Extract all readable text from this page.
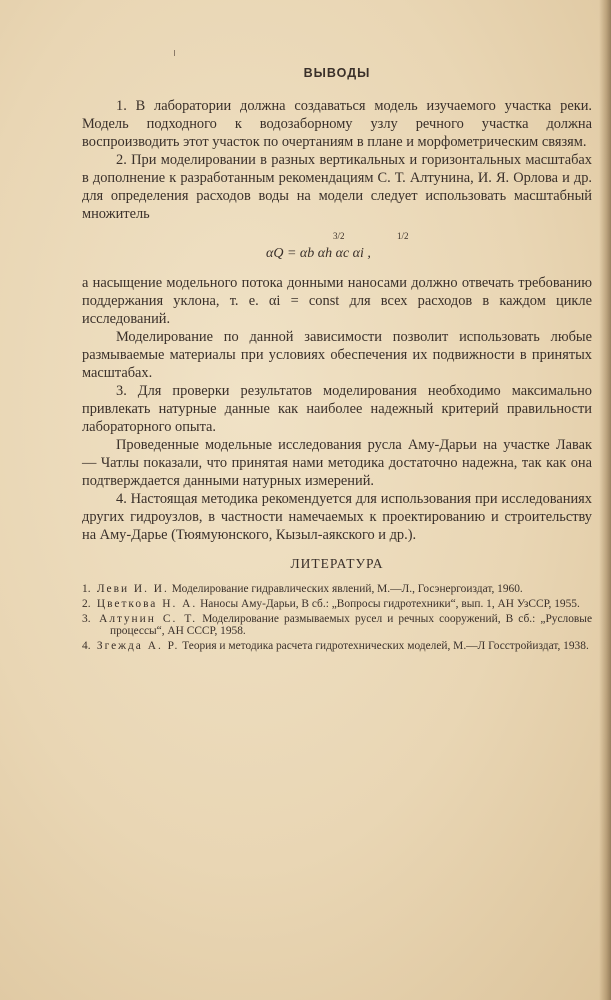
ВЫВОДЫ

1. В лаборатории должна создаваться модель изучаемого участка реки. Модель подходного к водозаборному узлу речного участка должна воспроизводить этот участок по очертаниям в плане и морфометрическим связям.

2. При моделировании в разных вертикальных и горизонтальных масштабах в дополнение к разработанным рекомендациям С. Т. Алтунина, И. Я. Орлова и др. для определения расходов воды на модели следует использовать масштабный множитель

3/2	1/2
αQ = αb αh αc αi ,

а насыщение модельного потока донными наносами должно отвечать требованию поддержания уклона, т. е. αi = const для всех расходов в каждом цикле исследований.

Моделирование по данной зависимости позволит использовать любые размываемые материалы при условиях обеспечения их подвижности в принятых масштабах.

3. Для проверки результатов моделирования необходимо максимально привлекать натурные данные как наиболее надежный критерий правильности лабораторного опыта.

Проведенные модельные исследования русла Аму-Дарьи на участке Лавак — Чатлы показали, что принятая нами методика достаточно надежна, так как она подтверждается данными натурных измерений.

4. Настоящая методика рекомендуется для использования при исследованиях других гидроузлов, в частности намечаемых к проектированию и строительству на Аму-Дарье (Тюямуюнского, Кызыл-аякского и др.).

ЛИТЕРАТУРА
1. Леви И. И. Моделирование гидравлических явлений, М.—Л., Госэнергоиздат, 1960.
2. Цветкова Н. А. Наносы Аму-Дарьи, В сб.: „Вопросы гидротехники“, вып. 1, АН УзССР, 1955.
3. Алтунин С. Т. Моделирование размываемых русел и речных сооружений, В сб.: „Русловые процессы“, АН СССР, 1958.
4. Згежда А. Р. Теория и методика расчета гидротехнических моделей, М.—Л Госстройиздат, 1938.
